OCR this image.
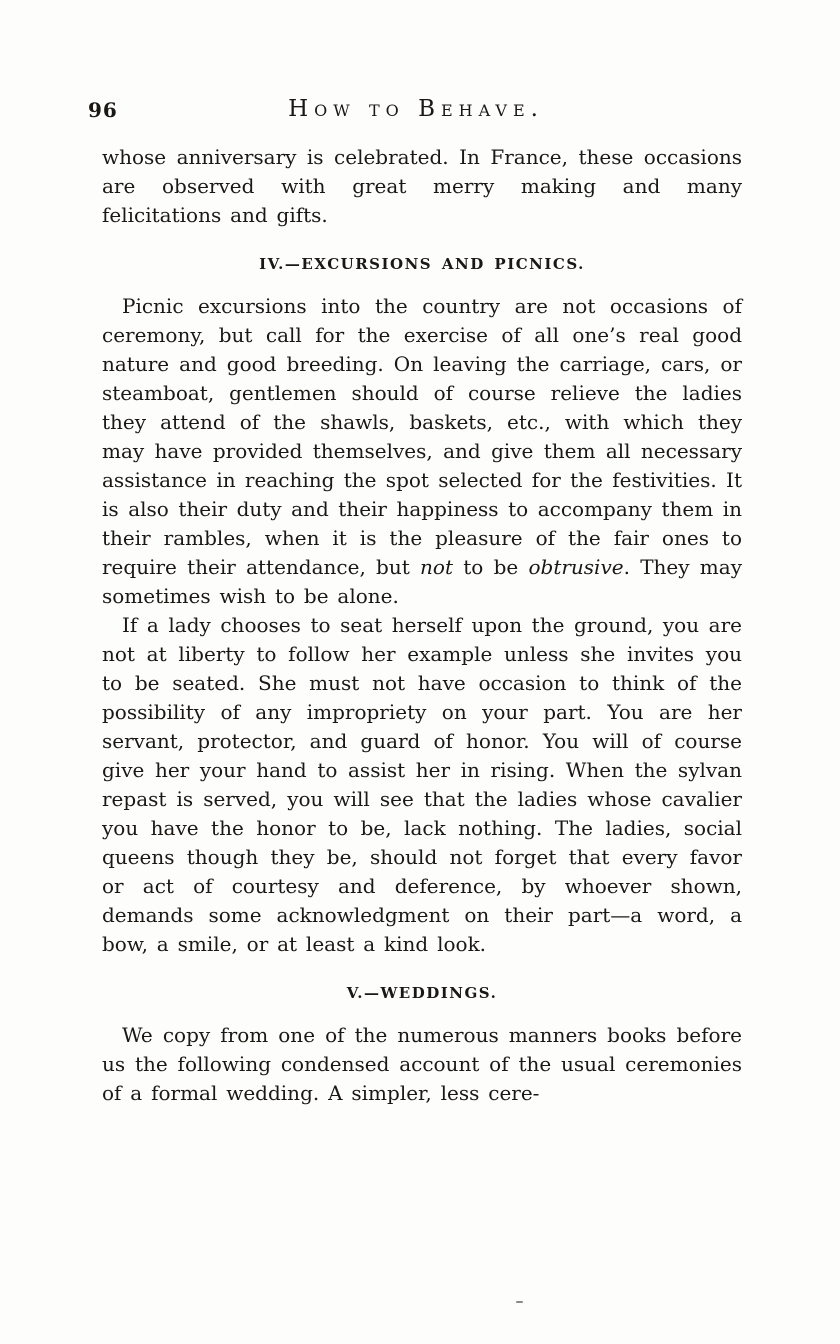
96	How to Behave.

whose anniversary is celebrated. In France, these occasions are observed with great merry making and many felicitations and gifts.

IV.—EXCURSIONS AND PICNICS.

Picnic excursions into the country are not occasions of ceremony, but call for the exercise of all one’s real good nature and good breeding. On leaving the carriage, cars, or steamboat, gentlemen should of course relieve the ladies they attend of the shawls, baskets, etc., with which they may have provided themselves, and give them all necessary assistance in reaching the spot selected for the festivities. It is also their duty and their happiness to accompany them in their rambles, when it is the pleasure of the fair ones to require their attendance, but not to be obtrusive. They may sometimes wish to be alone.

If a lady chooses to seat herself upon the ground, you are not at liberty to follow her example unless she invites you to be seated. She must not have occasion to think of the possibility of any impropriety on your part. You are her servant, protector, and guard of honor. You will of course give her your hand to assist her in rising. When the sylvan repast is served, you will see that the ladies whose cavalier you have the honor to be, lack nothing. The ladies, social queens though they be, should not forget that every favor or act of courtesy and deference, by whoever shown, demands some acknowledgment on their part—a word, a bow, a smile, or at least a kind look.

V.—WEDDINGS.

We copy from one of the numerous manners books before us the following condensed account of the usual ceremonies of a formal wedding. A simpler, less cere-
